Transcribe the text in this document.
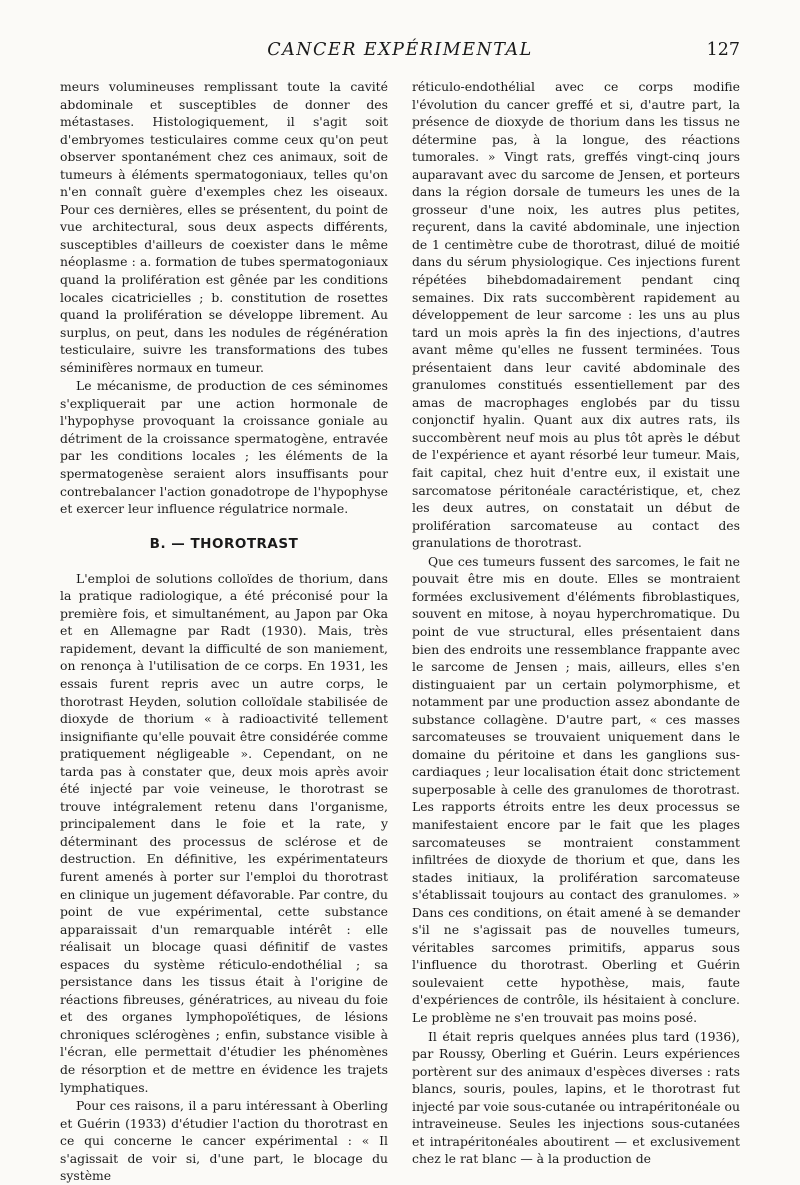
CANCER EXPÉRIMENTAL	127

meurs volumineuses remplissant toute la cavité abdominale et susceptibles de donner des métastases. Histologiquement, il s'agit soit d'embryomes testiculaires comme ceux qu'on peut observer spontanément chez ces animaux, soit de tumeurs à éléments spermatogoniaux, telles qu'on n'en connaît guère d'exemples chez les oiseaux. Pour ces dernières, elles se présentent, du point de vue architectural, sous deux aspects différents, susceptibles d'ailleurs de coexister dans le même néoplasme : a. formation de tubes spermatogoniaux quand la prolifération est gênée par les conditions locales cicatricielles ; b. constitution de rosettes quand la prolifération se développe librement. Au surplus, on peut, dans les nodules de régénération testiculaire, suivre les transformations des tubes séminifères normaux en tumeur.

Le mécanisme, de production de ces séminomes s'expliquerait par une action hormonale de l'hypophyse provoquant la croissance goniale au détriment de la croissance spermatogène, entravée par les conditions locales ; les éléments de la spermatogenèse seraient alors insuffisants pour contrebalancer l'action gonadotrope de l'hypophyse et exercer leur influence régulatrice normale.

B. — THOROTRAST

L'emploi de solutions colloïdes de thorium, dans la pratique radiologique, a été préconisé pour la première fois, et simultanément, au Japon par Oka et en Allemagne par Radt (1930). Mais, très rapidement, devant la difficulté de son maniement, on renonça à l'utilisation de ce corps. En 1931, les essais furent repris avec un autre corps, le thorotrast Heyden, solution colloïdale stabilisée de dioxyde de thorium « à radioactivité tellement insignifiante qu'elle pouvait être considérée comme pratiquement négligeable ». Cependant, on ne tarda pas à constater que, deux mois après avoir été injecté par voie veineuse, le thorotrast se trouve intégralement retenu dans l'organisme, principalement dans le foie et la rate, y déterminant des processus de sclérose et de destruction. En définitive, les expérimentateurs furent amenés à porter sur l'emploi du thorotrast en clinique un jugement défavorable. Par contre, du point de vue expérimental, cette substance apparaissait d'un remarquable intérêt : elle réalisait un blocage quasi définitif de vastes espaces du système réticulo-endothélial ; sa persistance dans les tissus était à l'origine de réactions fibreuses, génératrices, au niveau du foie et des organes lymphopoïétiques, de lésions chroniques sclérogènes ; enfin, substance visible à l'écran, elle permettait d'étudier les phénomènes de résorption et de mettre en évidence les trajets lymphatiques.

Pour ces raisons, il a paru intéressant à Oberling et Guérin (1933) d'étudier l'action du thorotrast en ce qui concerne le cancer expérimental : « Il s'agissait de voir si, d'une part, le blocage du système

réticulo-endothélial avec ce corps modifie l'évolution du cancer greffé et si, d'autre part, la présence de dioxyde de thorium dans les tissus ne détermine pas, à la longue, des réactions tumorales. » Vingt rats, greffés vingt-cinq jours auparavant avec du sarcome de Jensen, et porteurs dans la région dorsale de tumeurs les unes de la grosseur d'une noix, les autres plus petites, reçurent, dans la cavité abdominale, une injection de 1 centimètre cube de thorotrast, dilué de moitié dans du sérum physiologique. Ces injections furent répétées bihebdomadairement pendant cinq semaines. Dix rats succombèrent rapidement au développement de leur sarcome : les uns au plus tard un mois après la fin des injections, d'autres avant même qu'elles ne fussent terminées. Tous présentaient dans leur cavité abdominale des granulomes constitués essentiellement par des amas de macrophages englobés par du tissu conjonctif hyalin. Quant aux dix autres rats, ils succombèrent neuf mois au plus tôt après le début de l'expérience et ayant résorbé leur tumeur. Mais, fait capital, chez huit d'entre eux, il existait une sarcomatose péritonéale caractéristique, et, chez les deux autres, on constatait un début de prolifération sarcomateuse au contact des granulations de thorotrast.

Que ces tumeurs fussent des sarcomes, le fait ne pouvait être mis en doute. Elles se montraient formées exclusivement d'éléments fibroblastiques, souvent en mitose, à noyau hyperchromatique. Du point de vue structural, elles présentaient dans bien des endroits une ressemblance frappante avec le sarcome de Jensen ; mais, ailleurs, elles s'en distinguaient par un certain polymorphisme, et notamment par une production assez abondante de substance collagène. D'autre part, « ces masses sarcomateuses se trouvaient uniquement dans le domaine du péritoine et dans les ganglions sus-cardiaques ; leur localisation était donc strictement superposable à celle des granulomes de thorotrast. Les rapports étroits entre les deux processus se manifestaient encore par le fait que les plages sarcomateuses se montraient constamment infiltrées de dioxyde de thorium et que, dans les stades initiaux, la prolifération sarcomateuse s'établissait toujours au contact des granulomes. » Dans ces conditions, on était amené à se demander s'il ne s'agissait pas de nouvelles tumeurs, véritables sarcomes primitifs, apparus sous l'influence du thorotrast. Oberling et Guérin soulevaient cette hypothèse, mais, faute d'expériences de contrôle, ils hésitaient à conclure. Le problème ne s'en trouvait pas moins posé.

Il était repris quelques années plus tard (1936), par Roussy, Oberling et Guérin. Leurs expériences portèrent sur des animaux d'espèces diverses : rats blancs, souris, poules, lapins, et le thorotrast fut injecté par voie sous-cutanée ou intrapéritonéale ou intraveineuse. Seules les injections sous-cutanées et intrapéritonéales aboutirent — et exclusivement chez le rat blanc — à la production de
